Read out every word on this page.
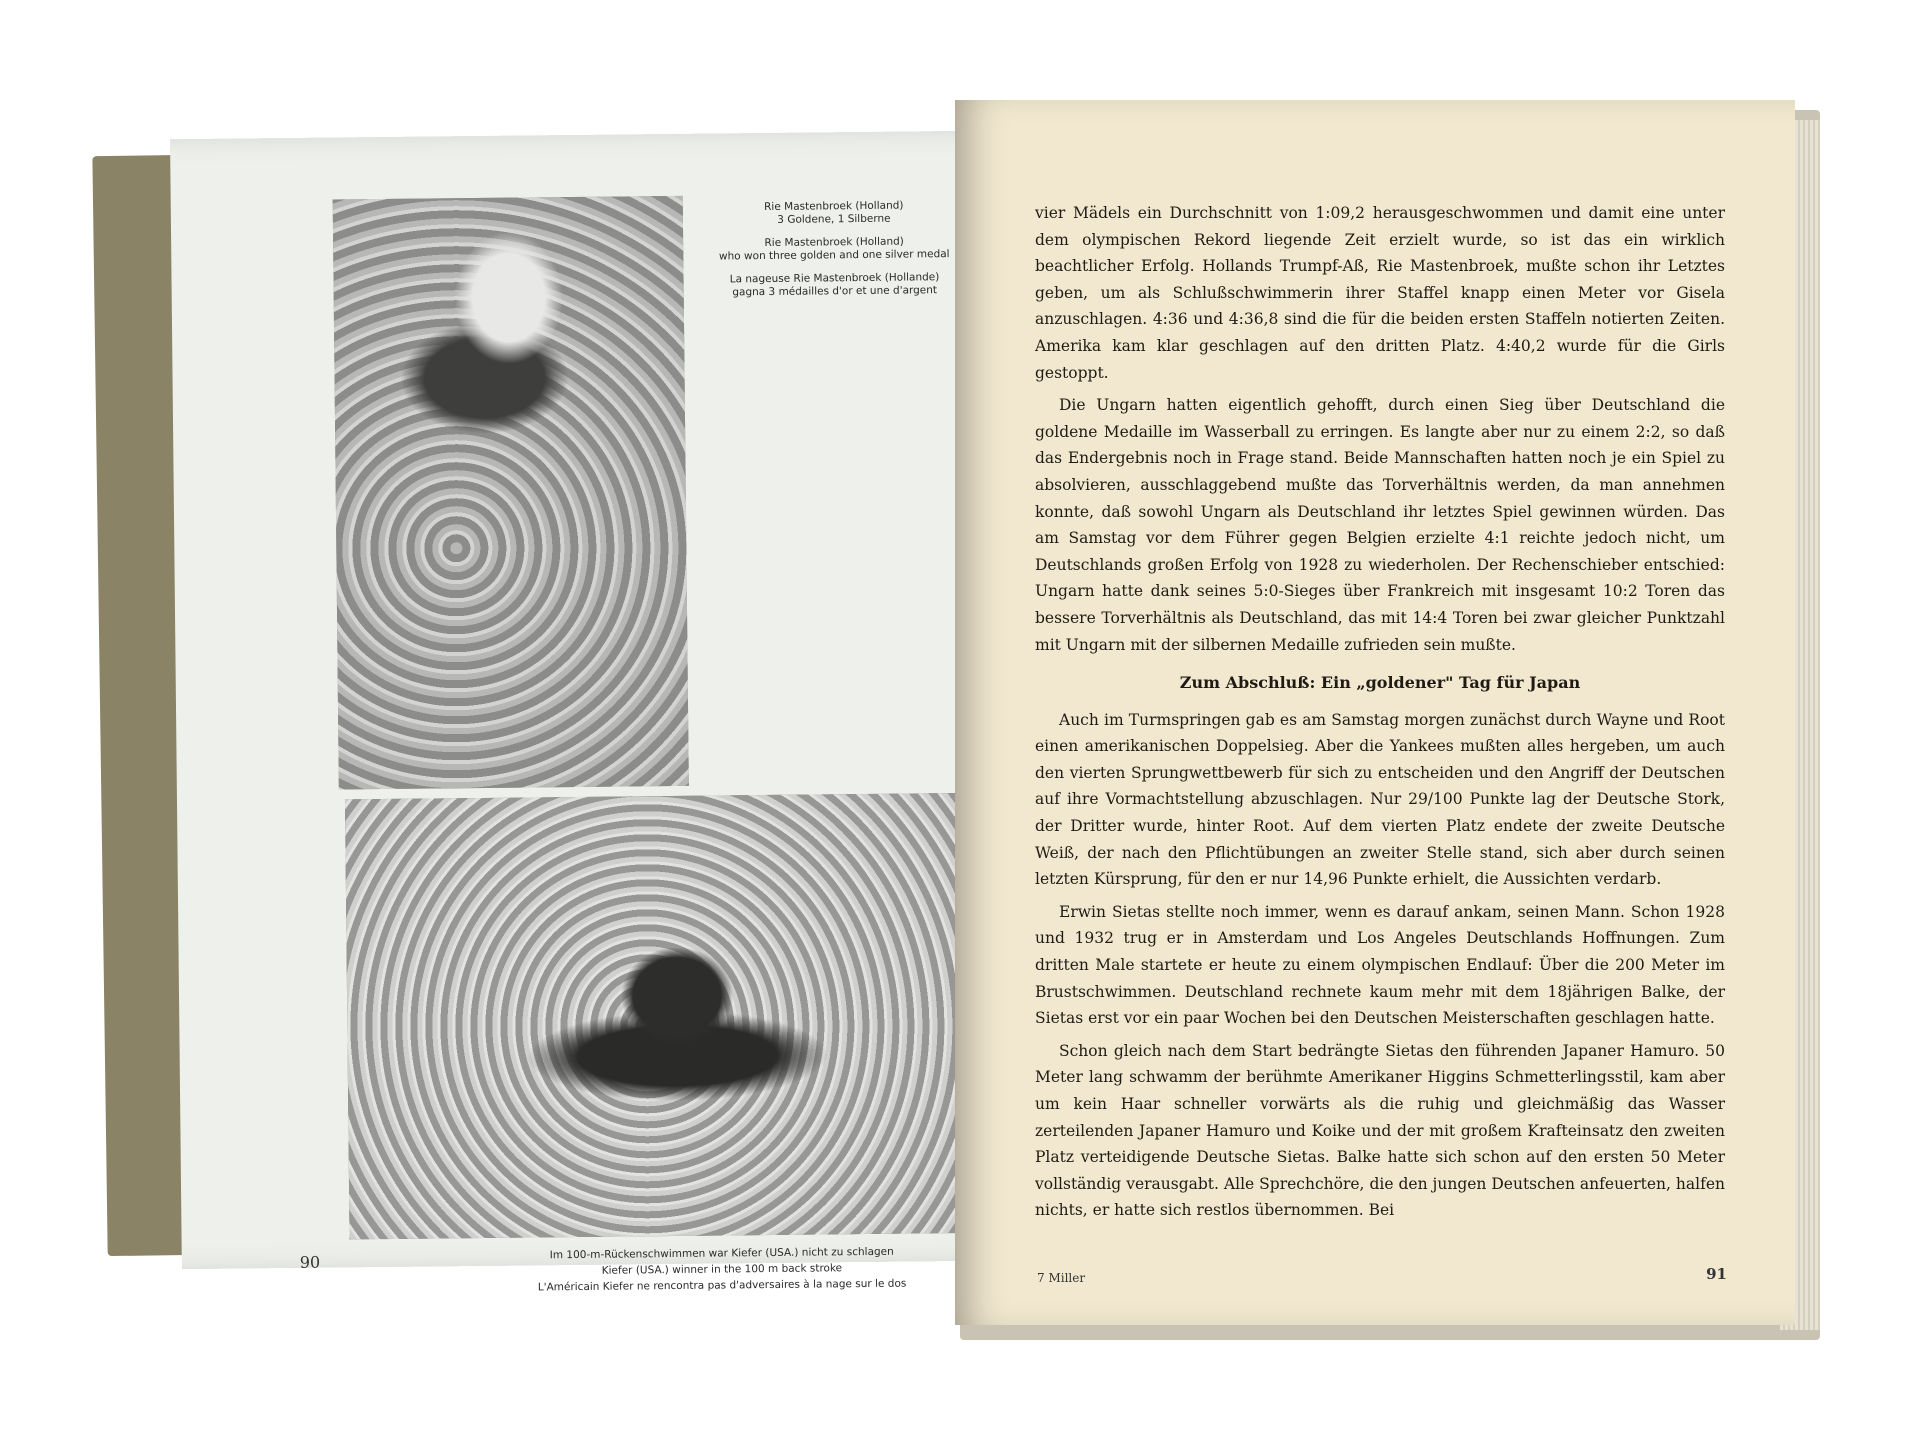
Rie Mastenbroek (Holland)
3 Goldene, 1 Silberne

Rie Mastenbroek (Holland)
who won three golden and one silver medal

La nageuse Rie Mastenbroek (Hollande)
gagna 3 médailles d'or et une d'argent

90	Im 100-m-Rückenschwimmen war Kiefer (USA.) nicht zu schlagen
Kiefer (USA.) winner in the 100 m back stroke
L'Américain Kiefer ne rencontra pas d'adversaires à la nage sur le dos

vier Mädels ein Durchschnitt von 1:09,2 herausgeschwommen und damit eine unter dem olympischen Rekord liegende Zeit erzielt wurde, so ist das ein wirklich beachtlicher Erfolg. Hollands Trumpf-Aß, Rie Mastenbroek, mußte schon ihr Letztes geben, um als Schlußschwimmerin ihrer Staffel knapp einen Meter vor Gisela anzuschlagen. 4:36 und 4:36,8 sind die für die beiden ersten Staffeln notierten Zeiten. Amerika kam klar geschlagen auf den dritten Platz. 4:40,2 wurde für die Girls gestoppt.

Die Ungarn hatten eigentlich gehofft, durch einen Sieg über Deutschland die goldene Medaille im Wasserball zu erringen. Es langte aber nur zu einem 2:2, so daß das Endergebnis noch in Frage stand. Beide Mannschaften hatten noch je ein Spiel zu absolvieren, ausschlaggebend mußte das Torverhältnis werden, da man annehmen konnte, daß sowohl Ungarn als Deutschland ihr letztes Spiel gewinnen würden. Das am Samstag vor dem Führer gegen Belgien erzielte 4:1 reichte jedoch nicht, um Deutschlands großen Erfolg von 1928 zu wiederholen. Der Rechenschieber entschied: Ungarn hatte dank seines 5:0-Sieges über Frankreich mit insgesamt 10:2 Toren das bessere Torverhältnis als Deutschland, das mit 14:4 Toren bei zwar gleicher Punktzahl mit Ungarn mit der silbernen Medaille zufrieden sein mußte.

Zum Abschluß: Ein „goldener" Tag für Japan

Auch im Turmspringen gab es am Samstag morgen zunächst durch Wayne und Root einen amerikanischen Doppelsieg. Aber die Yankees mußten alles hergeben, um auch den vierten Sprungwettbewerb für sich zu entscheiden und den Angriff der Deutschen auf ihre Vormachtstellung abzuschlagen. Nur 29/100 Punkte lag der Deutsche Stork, der Dritter wurde, hinter Root. Auf dem vierten Platz endete der zweite Deutsche Weiß, der nach den Pflichtübungen an zweiter Stelle stand, sich aber durch seinen letzten Kürsprung, für den er nur 14,96 Punkte erhielt, die Aussichten verdarb.

Erwin Sietas stellte noch immer, wenn es darauf ankam, seinen Mann. Schon 1928 und 1932 trug er in Amsterdam und Los Angeles Deutschlands Hoffnungen. Zum dritten Male startete er heute zu einem olympischen Endlauf: Über die 200 Meter im Brustschwimmen. Deutschland rechnete kaum mehr mit dem 18jährigen Balke, der Sietas erst vor ein paar Wochen bei den Deutschen Meisterschaften geschlagen hatte.

Schon gleich nach dem Start bedrängte Sietas den führenden Japaner Hamuro. 50 Meter lang schwamm der berühmte Amerikaner Higgins Schmetterlingsstil, kam aber um kein Haar schneller vorwärts als die ruhig und gleichmäßig das Wasser zerteilenden Japaner Hamuro und Koike und der mit großem Krafteinsatz den zweiten Platz verteidigende Deutsche Sietas. Balke hatte sich schon auf den ersten 50 Meter vollständig verausgabt. Alle Sprechchöre, die den jungen Deutschen anfeuerten, halfen nichts, er hatte sich restlos übernommen. Bei

7 Miller	91
